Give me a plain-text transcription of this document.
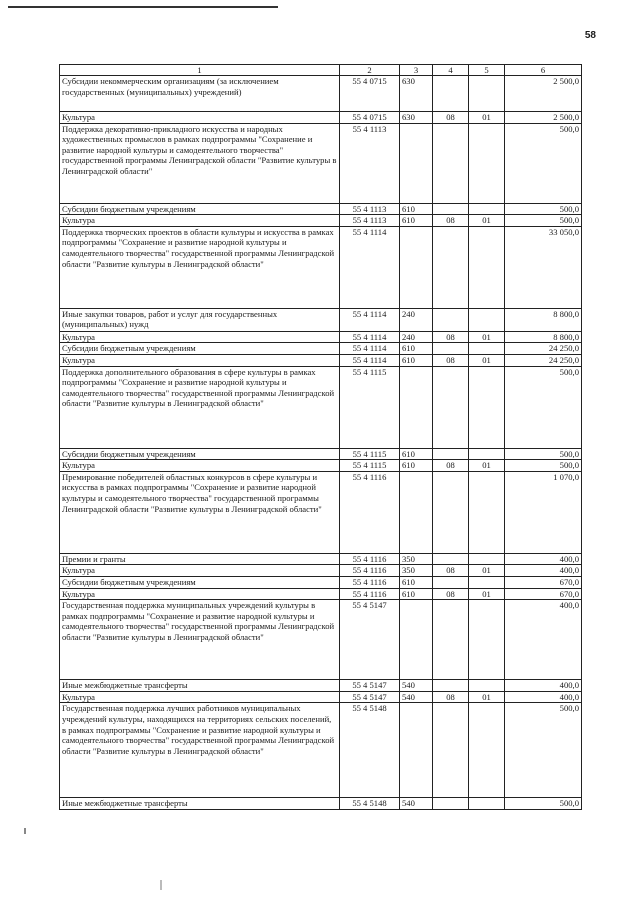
58
1	2	3	4	5	6
Субсидии некоммерческим организациям (за исключением государственных (муниципальных) учреждений)	55 4 0715	630			2 500,0
Культура	55 4 0715	630	08	01	2 500,0
Поддержка декоративно-прикладного искусства и народных художественных промыслов в рамках подпрограммы "Сохранение и развитие народной культуры и самодеятельного творчества" государственной программы Ленинградской области "Развитие культуры в Ленинградской области"	55 4 1113				500,0
Субсидии бюджетным учреждениям	55 4 1113	610			500,0
Культура	55 4 1113	610	08	01	500,0
Поддержка творческих проектов в области культуры и искусства в рамках подпрограммы "Сохранение и развитие народной культуры и самодеятельного творчества" государственной программы Ленинградской области "Развитие культуры в Ленинградской области"	55 4 1114				33 050,0
Иные закупки товаров, работ и услуг для государственных (муниципальных) нужд	55 4 1114	240			8 800,0
Культура	55 4 1114	240	08	01	8 800,0
Субсидии бюджетным учреждениям	55 4 1114	610			24 250,0
Культура	55 4 1114	610	08	01	24 250,0
Поддержка дополнительного образования в сфере культуры в рамках подпрограммы "Сохранение и развитие народной культуры и самодеятельного творчества" государственной программы Ленинградской области "Развитие культуры в Ленинградской области"	55 4 1115				500,0
Субсидии бюджетным учреждениям	55 4 1115	610			500,0
Культура	55 4 1115	610	08	01	500,0
Премирование победителей областных конкурсов в сфере культуры и искусства в рамках подпрограммы "Сохранение и развитие народной культуры и самодеятельного творчества" государственной программы Ленинградской области "Развитие культуры в Ленинградской области"	55 4 1116				1 070,0
Премии и гранты	55 4 1116	350			400,0
Культура	55 4 1116	350	08	01	400,0
Субсидии бюджетным учреждениям	55 4 1116	610			670,0
Культура	55 4 1116	610	08	01	670,0
Государственная поддержка муниципальных учреждений культуры в рамках подпрограммы "Сохранение и развитие народной культуры и самодеятельного творчества" государственной программы Ленинградской области "Развитие культуры в Ленинградской области"	55 4 5147				400,0
Иные межбюджетные трансферты	55 4 5147	540			400,0
Культура	55 4 5147	540	08	01	400,0
Государственная поддержка лучших работников муниципальных учреждений культуры, находящихся на территориях сельских поселений, в рамках подпрограммы "Сохранение и развитие народной культуры и самодеятельного творчества" государственной программы Ленинградской области "Развитие культуры в Ленинградской области"	55 4 5148				500,0
Иные межбюджетные трансферты	55 4 5148	540			500,0
